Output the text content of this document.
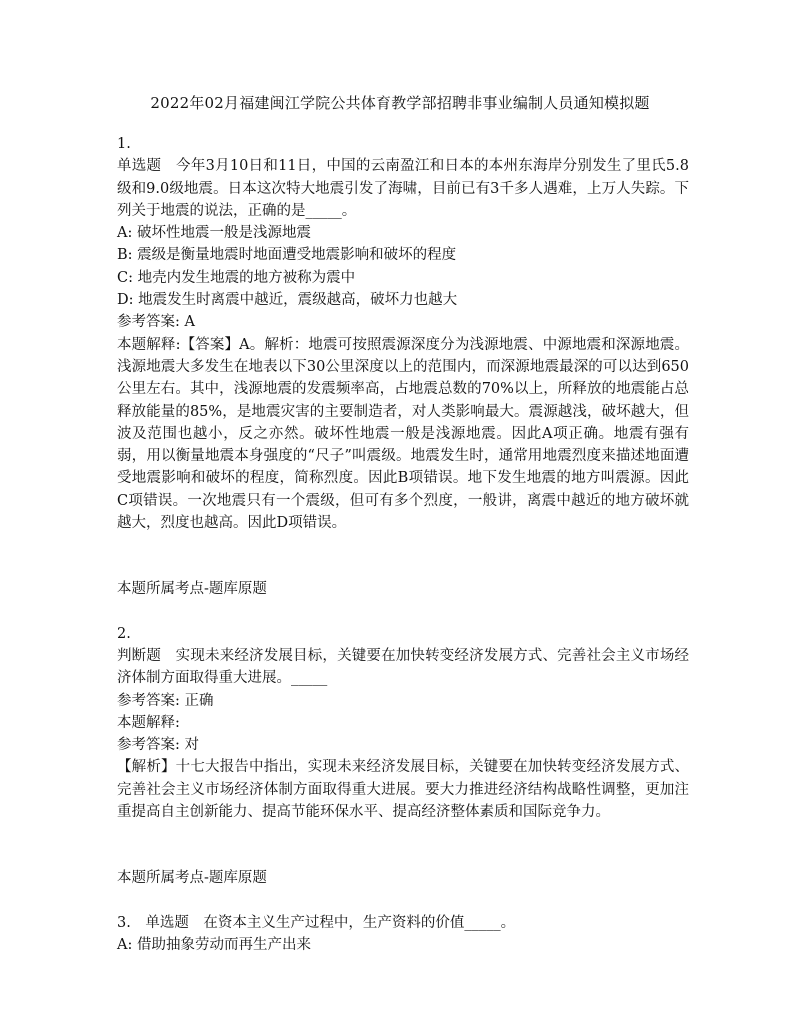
2022年02月福建闽江学院公共体育教学部招聘非事业编制人员通知模拟题
1.
单选题　今年3月10日和11日，中国的云南盈江和日本的本州东海岸分别发生了里氏5.8级和9.0级地震。日本这次特大地震引发了海啸，目前已有3千多人遇难，上万人失踪。下列关于地震的说法，正确的是_____。
A: 破坏性地震一般是浅源地震
B: 震级是衡量地震时地面遭受地震影响和破坏的程度
C: 地壳内发生地震的地方被称为震中
D: 地震发生时离震中越近，震级越高，破坏力也越大
参考答案: A
本题解释:【答案】A。解析：地震可按照震源深度分为浅源地震、中源地震和深源地震。浅源地震大多发生在地表以下30公里深度以上的范围内，而深源地震最深的可以达到650公里左右。其中，浅源地震的发震频率高，占地震总数的70%以上，所释放的地震能占总释放能量的85%，是地震灾害的主要制造者，对人类影响最大。震源越浅，破坏越大，但波及范围也越小，反之亦然。破坏性地震一般是浅源地震。因此A项正确。地震有强有弱，用以衡量地震本身强度的“尺子”叫震级。地震发生时，通常用地震烈度来描述地面遭受地震影响和破坏的程度，简称烈度。因此B项错误。地下发生地震的地方叫震源。因此C项错误。一次地震只有一个震级，但可有多个烈度，一般讲，离震中越近的地方破坏就越大，烈度也越高。因此D项错误。
本题所属考点-题库原题
2.
判断题　实现未来经济发展目标，关键要在加快转变经济发展方式、完善社会主义市场经济体制方面取得重大进展。_____
参考答案: 正确
本题解释:
参考答案: 对
【解析】十七大报告中指出，实现未来经济发展目标，关键要在加快转变经济发展方式、完善社会主义市场经济体制方面取得重大进展。要大力推进经济结构战略性调整，更加注重提高自主创新能力、提高节能环保水平、提高经济整体素质和国际竞争力。
本题所属考点-题库原题
3.　单选题　在资本主义生产过程中，生产资料的价值_____。
A: 借助抽象劳动而再生产出来
